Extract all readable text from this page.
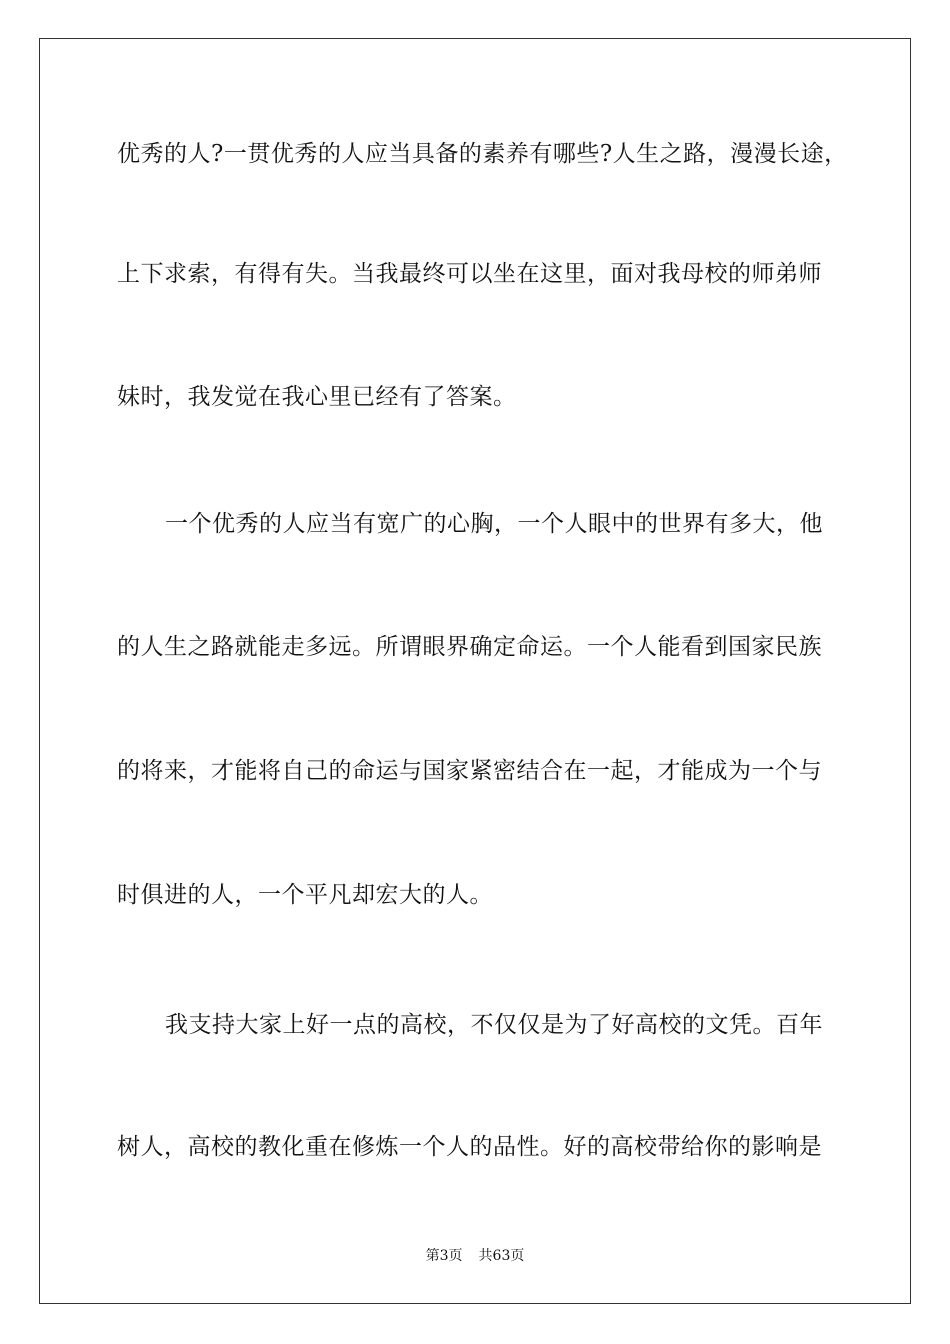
优秀的人?一贯优秀的人应当具备的素养有哪些?人生之路，漫漫长途，
上下求索，有得有失。当我最终可以坐在这里，面对我母校的师弟师
妹时，我发觉在我心里已经有了答案。
一个优秀的人应当有宽广的心胸，一个人眼中的世界有多大，他
的人生之路就能走多远。所谓眼界确定命运。一个人能看到国家民族
的将来，才能将自己的命运与国家紧密结合在一起，才能成为一个与
时俱进的人，一个平凡却宏大的人。
我支持大家上好一点的高校，不仅仅是为了好高校的文凭。百年
树人，高校的教化重在修炼一个人的品性。好的高校带给你的影响是
第3页 共63页
